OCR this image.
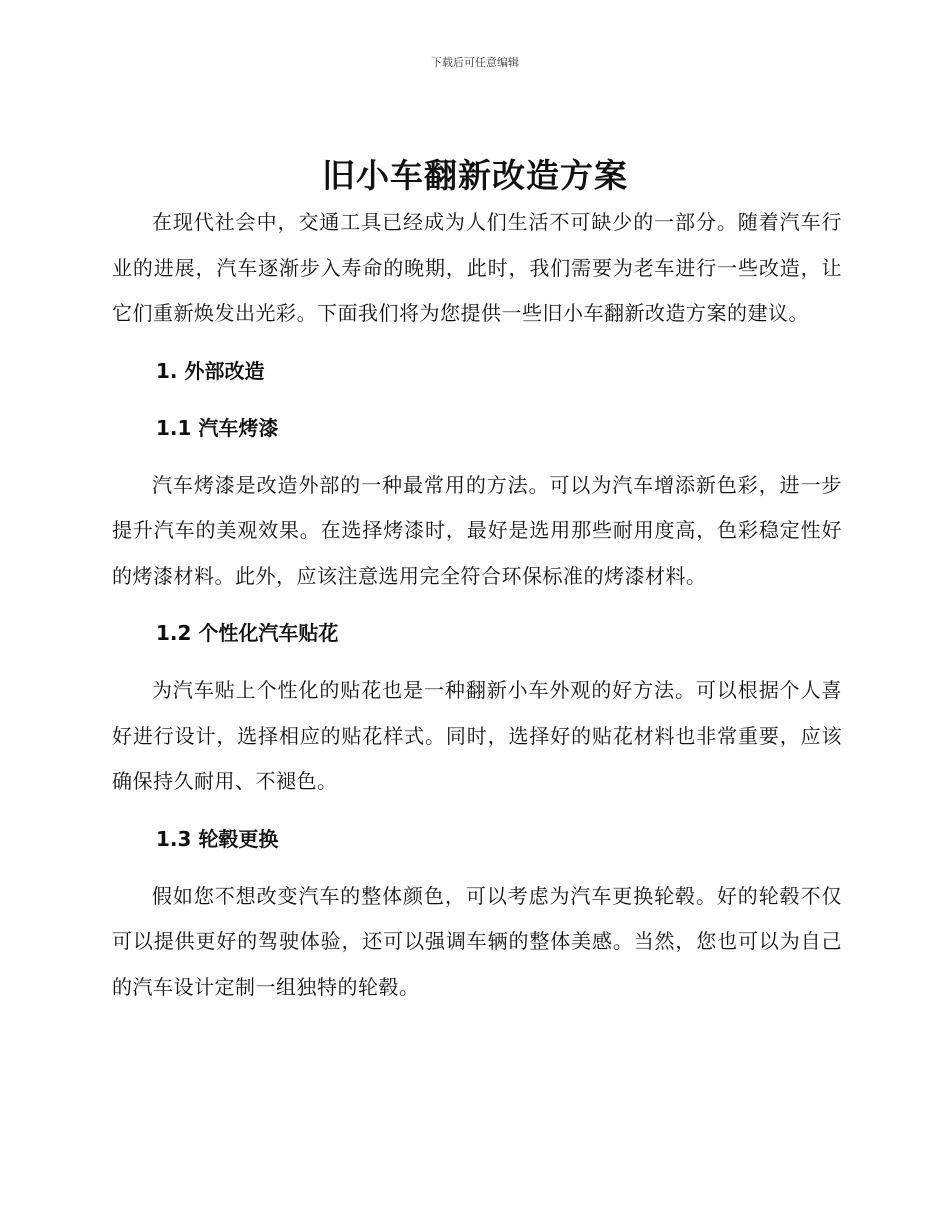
下载后可任意编辑
旧小车翻新改造方案

在现代社会中，交通工具已经成为人们生活不可缺少的一部分。随着汽车行业的进展，汽车逐渐步入寿命的晚期，此时，我们需要为老车进行一些改造，让它们重新焕发出光彩。下面我们将为您提供一些旧小车翻新改造方案的建议。

1. 外部改造

1.1 汽车烤漆

汽车烤漆是改造外部的一种最常用的方法。可以为汽车增添新色彩，进一步提升汽车的美观效果。在选择烤漆时，最好是选用那些耐用度高，色彩稳定性好的烤漆材料。此外，应该注意选用完全符合环保标准的烤漆材料。

1.2 个性化汽车贴花

为汽车贴上个性化的贴花也是一种翻新小车外观的好方法。可以根据个人喜好进行设计，选择相应的贴花样式。同时，选择好的贴花材料也非常重要，应该确保持久耐用、不褪色。

1.3 轮毂更换

假如您不想改变汽车的整体颜色，可以考虑为汽车更换轮毂。好的轮毂不仅可以提供更好的驾驶体验，还可以强调车辆的整体美感。当然，您也可以为自己的汽车设计定制一组独特的轮毂。
